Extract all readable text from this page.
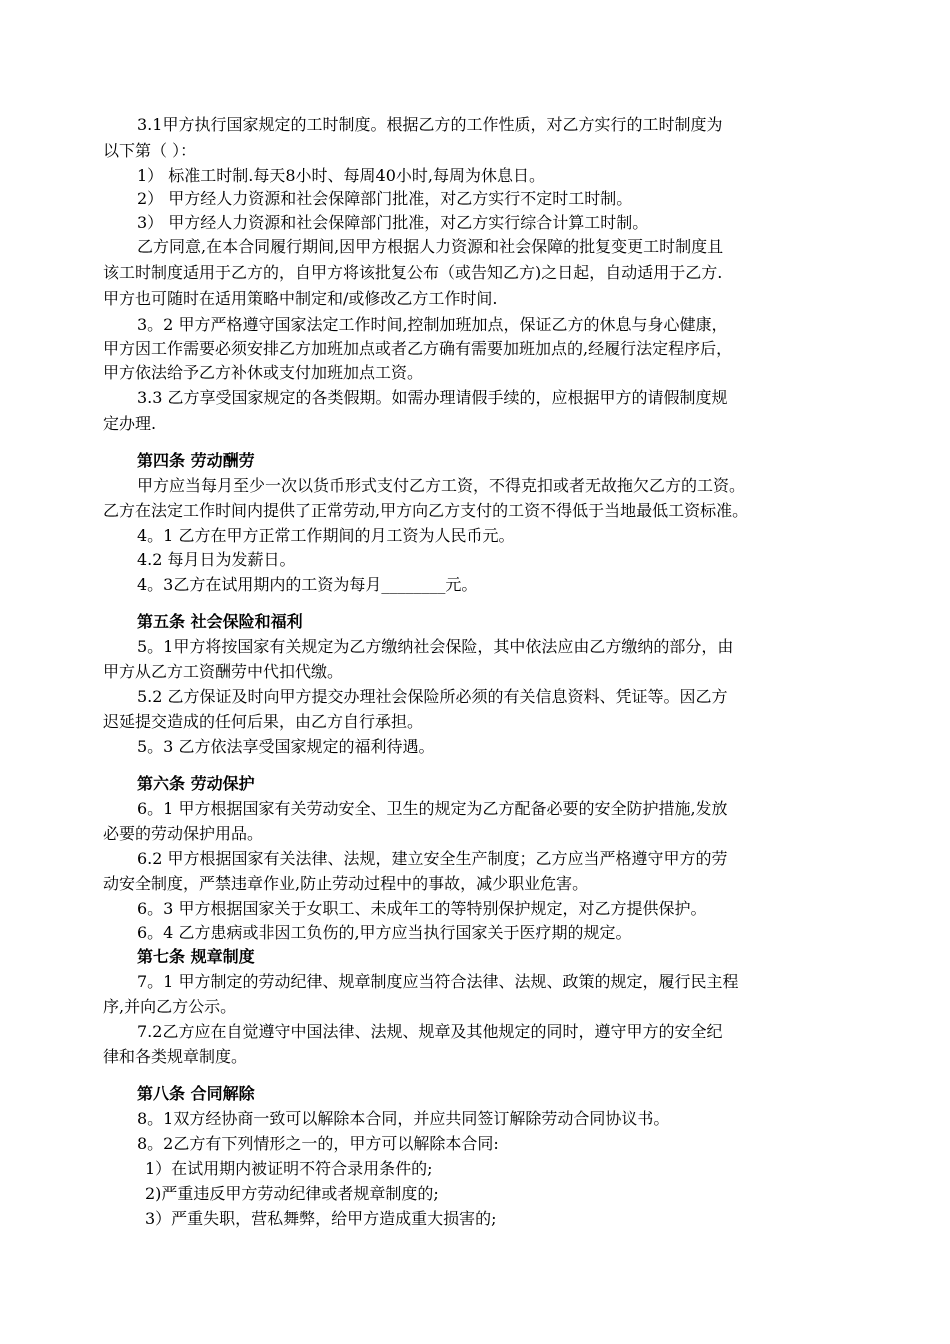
3.1甲方执行国家规定的工时制度。根据乙方的工作性质，对乙方实行的工时制度为
以下第（ ）：
1） 标准工时制.每天8小时、每周40小时,每周为休息日。
2） 甲方经人力资源和社会保障部门批准，对乙方实行不定时工时制。
3） 甲方经人力资源和社会保障部门批准，对乙方实行综合计算工时制。
乙方同意,在本合同履行期间,因甲方根据人力资源和社会保障的批复变更工时制度且
该工时制度适用于乙方的，自甲方将该批复公布（或告知乙方)之日起，自动适用于乙方.
甲方也可随时在适用策略中制定和/或修改乙方工作时间.
3。2 甲方严格遵守国家法定工作时间,控制加班加点，保证乙方的休息与身心健康，
甲方因工作需要必须安排乙方加班加点或者乙方确有需要加班加点的,经履行法定程序后，
甲方依法给予乙方补休或支付加班加点工资。
3.3 乙方享受国家规定的各类假期。如需办理请假手续的，应根据甲方的请假制度规
定办理.
第四条 劳动酬劳
甲方应当每月至少一次以货币形式支付乙方工资，不得克扣或者无故拖欠乙方的工资。
乙方在法定工作时间内提供了正常劳动,甲方向乙方支付的工资不得低于当地最低工资标准。
4。1 乙方在甲方正常工作期间的月工资为人民币元。
4.2 每月日为发薪日。
4。3乙方在试用期内的工资为每月________元。
第五条 社会保险和福利
5。1甲方将按国家有关规定为乙方缴纳社会保险，其中依法应由乙方缴纳的部分，由
甲方从乙方工资酬劳中代扣代缴。
5.2 乙方保证及时向甲方提交办理社会保险所必须的有关信息资料、凭证等。因乙方
迟延提交造成的任何后果，由乙方自行承担。
5。3 乙方依法享受国家规定的福利待遇。
第六条 劳动保护
6。1 甲方根据国家有关劳动安全、卫生的规定为乙方配备必要的安全防护措施,发放
必要的劳动保护用品。
6.2 甲方根据国家有关法律、法规，建立安全生产制度；乙方应当严格遵守甲方的劳
动安全制度，严禁违章作业,防止劳动过程中的事故，减少职业危害。
6。3 甲方根据国家关于女职工、未成年工的等特别保护规定，对乙方提供保护。
6。4 乙方患病或非因工负伤的,甲方应当执行国家关于医疗期的规定。
第七条 规章制度
7。1 甲方制定的劳动纪律、规章制度应当符合法律、法规、政策的规定，履行民主程
序,并向乙方公示。
7.2乙方应在自觉遵守中国法律、法规、规章及其他规定的同时，遵守甲方的安全纪
律和各类规章制度。
第八条 合同解除
8。1双方经协商一致可以解除本合同，并应共同签订解除劳动合同协议书。
8。2乙方有下列情形之一的，甲方可以解除本合同:
1）在试用期内被证明不符合录用条件的;
2)严重违反甲方劳动纪律或者规章制度的;
3）严重失职，营私舞弊，给甲方造成重大损害的;
